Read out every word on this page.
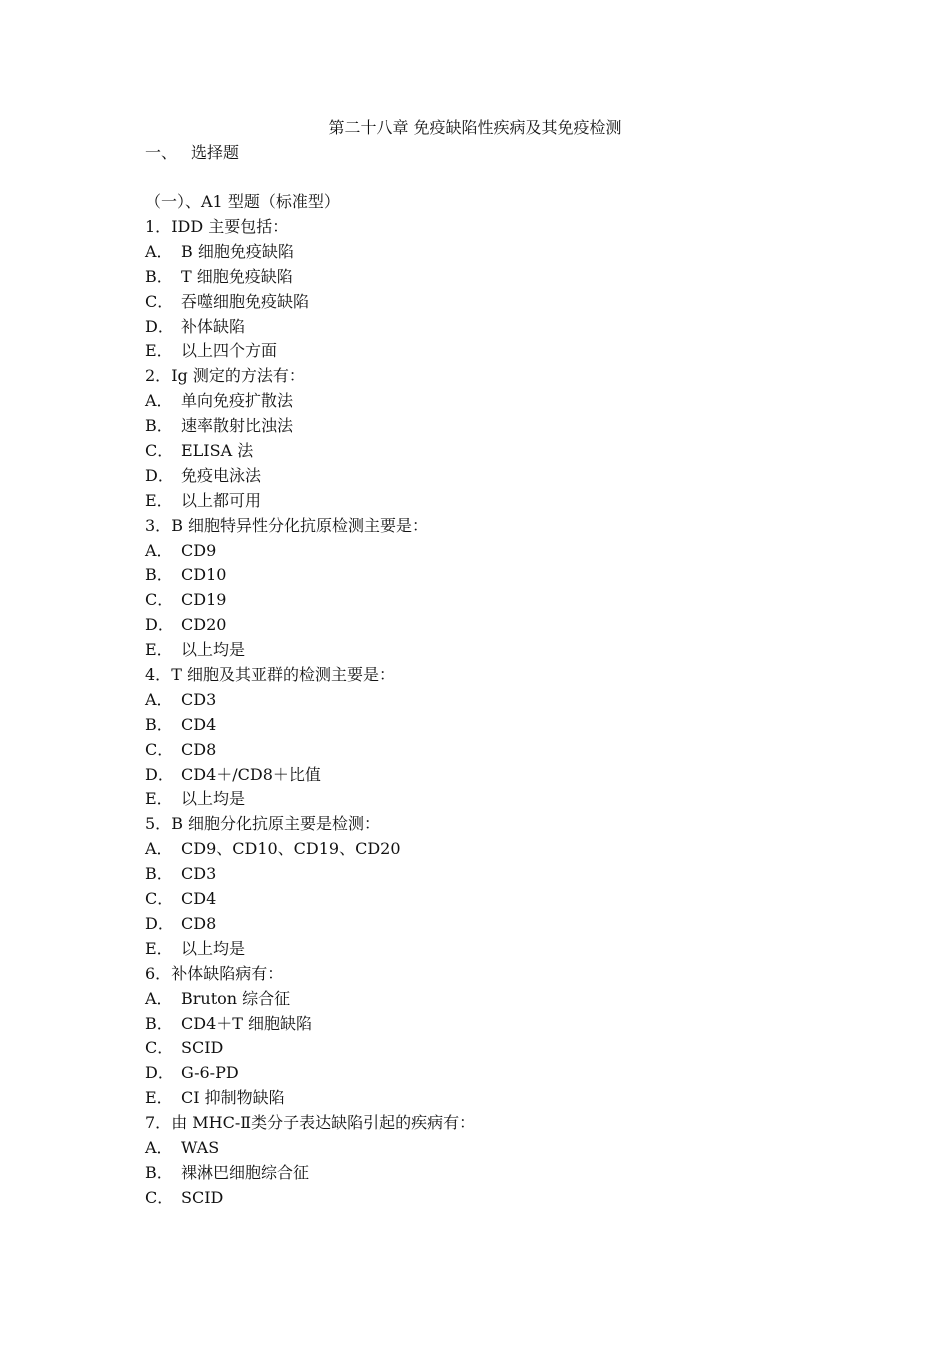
第二十八章 免疫缺陷性疾病及其免疫检测
一、 选择题
（一）、A1 型题（标准型）
1．IDD 主要包括：
A． B 细胞免疫缺陷
B． T 细胞免疫缺陷
C． 吞噬细胞免疫缺陷
D． 补体缺陷
E． 以上四个方面
2．Ig 测定的方法有：
A． 单向免疫扩散法
B． 速率散射比浊法
C． ELISA 法
D． 免疫电泳法
E． 以上都可用
3．B 细胞特异性分化抗原检测主要是：
A． CD9
B． CD10
C． CD19
D． CD20
E． 以上均是
4．T 细胞及其亚群的检测主要是：
A． CD3
B． CD4
C． CD8
D． CD4＋/CD8＋比值
E． 以上均是
5．B 细胞分化抗原主要是检测：
A． CD9、CD10、CD19、CD20
B． CD3
C． CD4
D． CD8
E． 以上均是
6．补体缺陷病有：
A． Bruton 综合征
B． CD4＋T 细胞缺陷
C． SCID
D． G-6-PD
E． CI 抑制物缺陷
7．由 MHC-Ⅱ类分子表达缺陷引起的疾病有：
A． WAS
B． 裸淋巴细胞综合征
C． SCID
